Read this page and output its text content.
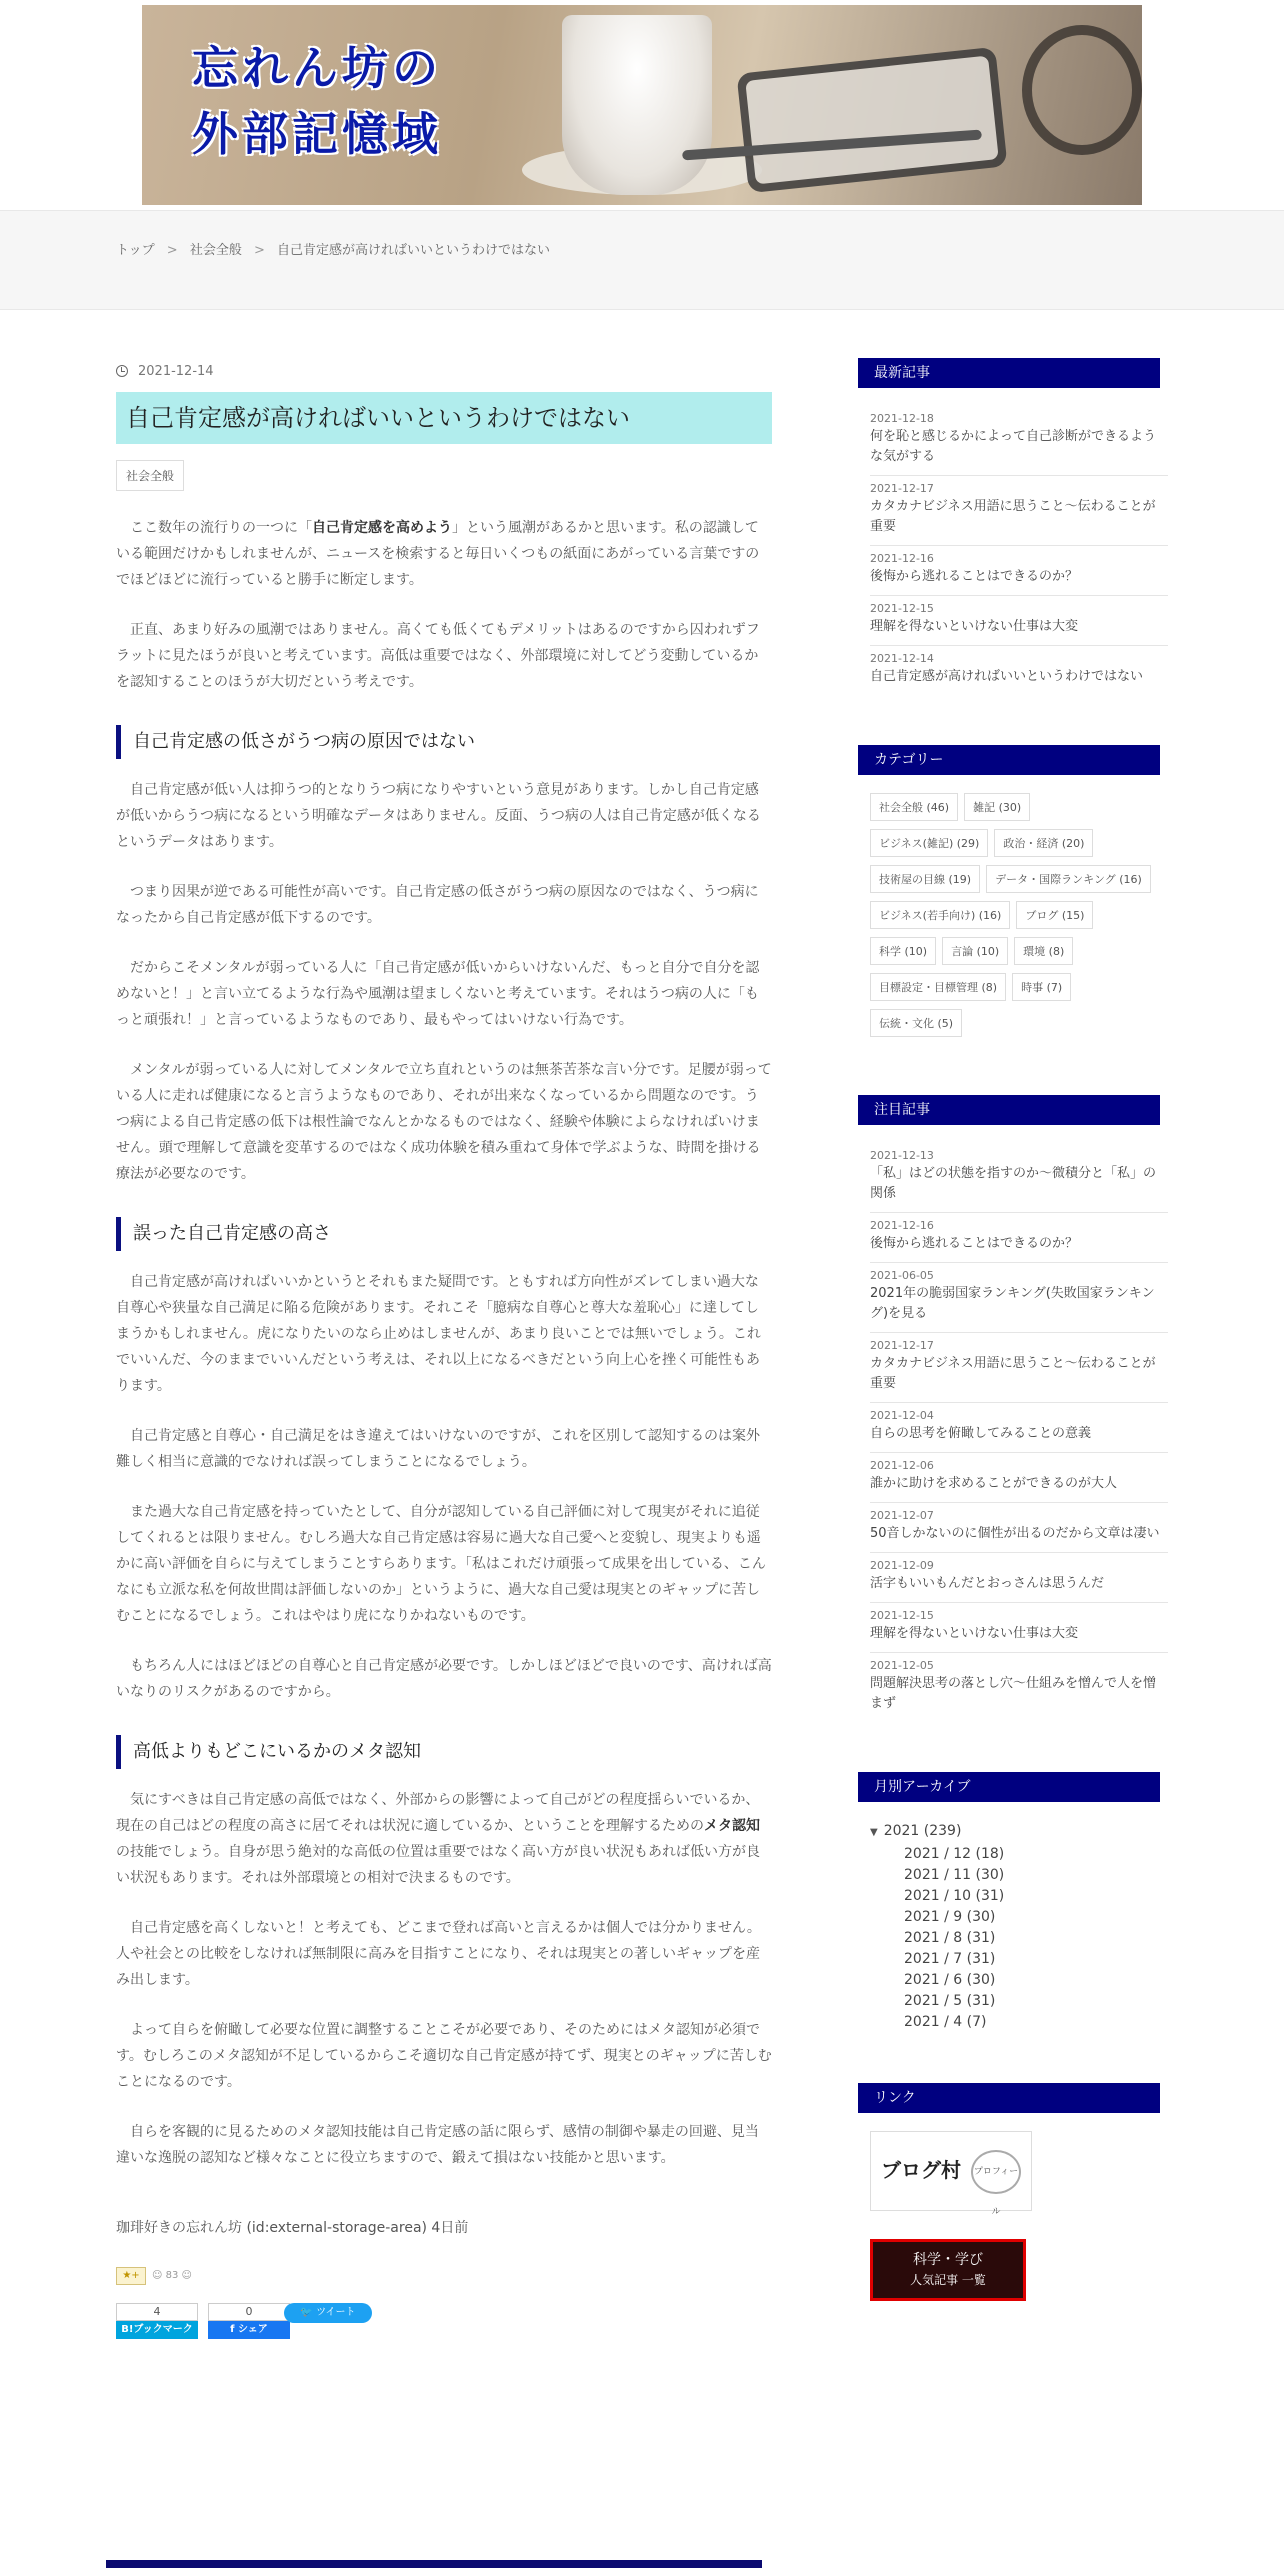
忘れん坊の
外部記憶域
トップ > 社会全般 > 自己肯定感が高ければいいというわけではない
2021-12-14
自己肯定感が高ければいいというわけではない
社会全般

ここ数年の流行りの一つに「自己肯定感を高めよう」という風潮があるかと思います。私の認識している範囲だけかもしれませんが、ニュースを検索すると毎日いくつもの紙面にあがっている言葉ですのでほどほどに流行っていると勝手に断定します。

正直、あまり好みの風潮ではありません。高くても低くてもデメリットはあるのですから囚われずフラットに見たほうが良いと考えています。高低は重要ではなく、外部環境に対してどう変動しているかを認知することのほうが大切だという考えです。

自己肯定感の低さがうつ病の原因ではない

自己肯定感が低い人は抑うつ的となりうつ病になりやすいという意見があります。しかし自己肯定感が低いからうつ病になるという明確なデータはありません。反面、うつ病の人は自己肯定感が低くなるというデータはあります。

つまり因果が逆である可能性が高いです。自己肯定感の低さがうつ病の原因なのではなく、うつ病になったから自己肯定感が低下するのです。

だからこそメンタルが弱っている人に「自己肯定感が低いからいけないんだ、もっと自分で自分を認めないと！」と言い立てるような行為や風潮は望ましくないと考えています。それはうつ病の人に「もっと頑張れ！」と言っているようなものであり、最もやってはいけない行為です。

メンタルが弱っている人に対してメンタルで立ち直れというのは無茶苦茶な言い分です。足腰が弱っている人に走れば健康になると言うようなものであり、それが出来なくなっているから問題なのです。うつ病による自己肯定感の低下は根性論でなんとかなるものではなく、経験や体験によらなければいけません。頭で理解して意識を変革するのではなく成功体験を積み重ねて身体で学ぶような、時間を掛ける療法が必要なのです。

誤った自己肯定感の高さ

自己肯定感が高ければいいかというとそれもまた疑問です。ともすれば方向性がズレてしまい過大な自尊心や狭量な自己満足に陥る危険があります。それこそ「臆病な自尊心と尊大な羞恥心」に達してしまうかもしれません。虎になりたいのなら止めはしませんが、あまり良いことでは無いでしょう。これでいいんだ、今のままでいいんだという考えは、それ以上になるべきだという向上心を挫く可能性もあります。

自己肯定感と自尊心・自己満足をはき違えてはいけないのですが、これを区別して認知するのは案外難しく相当に意識的でなければ誤ってしまうことになるでしょう。

また過大な自己肯定感を持っていたとして、自分が認知している自己評価に対して現実がそれに追従してくれるとは限りません。むしろ過大な自己肯定感は容易に過大な自己愛へと変貌し、現実よりも遥かに高い評価を自らに与えてしまうことすらあります。「私はこれだけ頑張って成果を出している、こんなにも立派な私を何故世間は評価しないのか」というように、過大な自己愛は現実とのギャップに苦しむことになるでしょう。これはやはり虎になりかねないものです。

もちろん人にはほどほどの自尊心と自己肯定感が必要です。しかしほどほどで良いのです、高ければ高いなりのリスクがあるのですから。

高低よりもどこにいるかのメタ認知

気にすべきは自己肯定感の高低ではなく、外部からの影響によって自己がどの程度揺らいでいるか、現在の自己はどの程度の高さに居てそれは状況に適しているか、ということを理解するためのメタ認知の技能でしょう。自身が思う絶対的な高低の位置は重要ではなく高い方が良い状況もあれば低い方が良い状況もあります。それは外部環境との相対で決まるものです。

自己肯定感を高くしないと！と考えても、どこまで登れば高いと言えるかは個人では分かりません。人や社会との比較をしなければ無制限に高みを目指すことになり、それは現実との著しいギャップを産み出します。

よって自らを俯瞰して必要な位置に調整することこそが必要であり、そのためにはメタ認知が必須です。むしろこのメタ認知が不足しているからこそ適切な自己肯定感が持てず、現実とのギャップに苦しむことになるのです。

自らを客観的に見るためのメタ認知技能は自己肯定感の話に限らず、感情の制御や暴走の回避、見当違いな逸脱の認知など様々なことに役立ちますので、鍛えて損はない技能かと思います。

珈琲好きの忘れん坊 (id:external-storage-area) 4日前
★+	☺ 83 ☺
4
B!ブックマーク
0
f シェア
🐦 ツイート
最新記事
2021-12-18
何を恥と感じるかによって自己診断ができるような気がする
2021-12-17
カタカナビジネス用語に思うこと～伝わることが重要
2021-12-16
後悔から逃れることはできるのか？
2021-12-15
理解を得ないといけない仕事は大変
2021-12-14
自己肯定感が高ければいいというわけではない
カテゴリー
社会全般 (46)	雑記 (30)
ビジネス(雑記) (29)	政治・経済 (20)
技術屋の目線 (19)	データ・国際ランキング (16)
ビジネス(若手向け) (16)	ブログ (15)
科学 (10)	言論 (10)	環境 (8)
目標設定・目標管理 (8)	時事 (7)
伝統・文化 (5)
注目記事
2021-12-13
「私」はどの状態を指すのか～微積分と「私」の関係
2021-12-16
後悔から逃れることはできるのか？
2021-06-05
2021年の脆弱国家ランキング(失敗国家ランキング)を見る
2021-12-17
カタカナビジネス用語に思うこと～伝わることが重要
2021-12-04
自らの思考を俯瞰してみることの意義
2021-12-06
誰かに助けを求めることができるのが大人
2021-12-07
50音しかないのに個性が出るのだから文章は凄い
2021-12-09
活字もいいもんだとおっさんは思うんだ
2021-12-15
理解を得ないといけない仕事は大変
2021-12-05
問題解決思考の落とし穴～仕組みを憎んで人を憎まず
月別アーカイブ
▼ 2021 (239)
2021 / 12 (18)
2021 / 11 (30)
2021 / 10 (31)
2021 / 9 (30)
2021 / 8 (31)
2021 / 7 (31)
2021 / 6 (30)
2021 / 5 (31)
2021 / 4 (7)
リンク
ブログ村	プロフィール
科学・学び
人気記事 一覧
